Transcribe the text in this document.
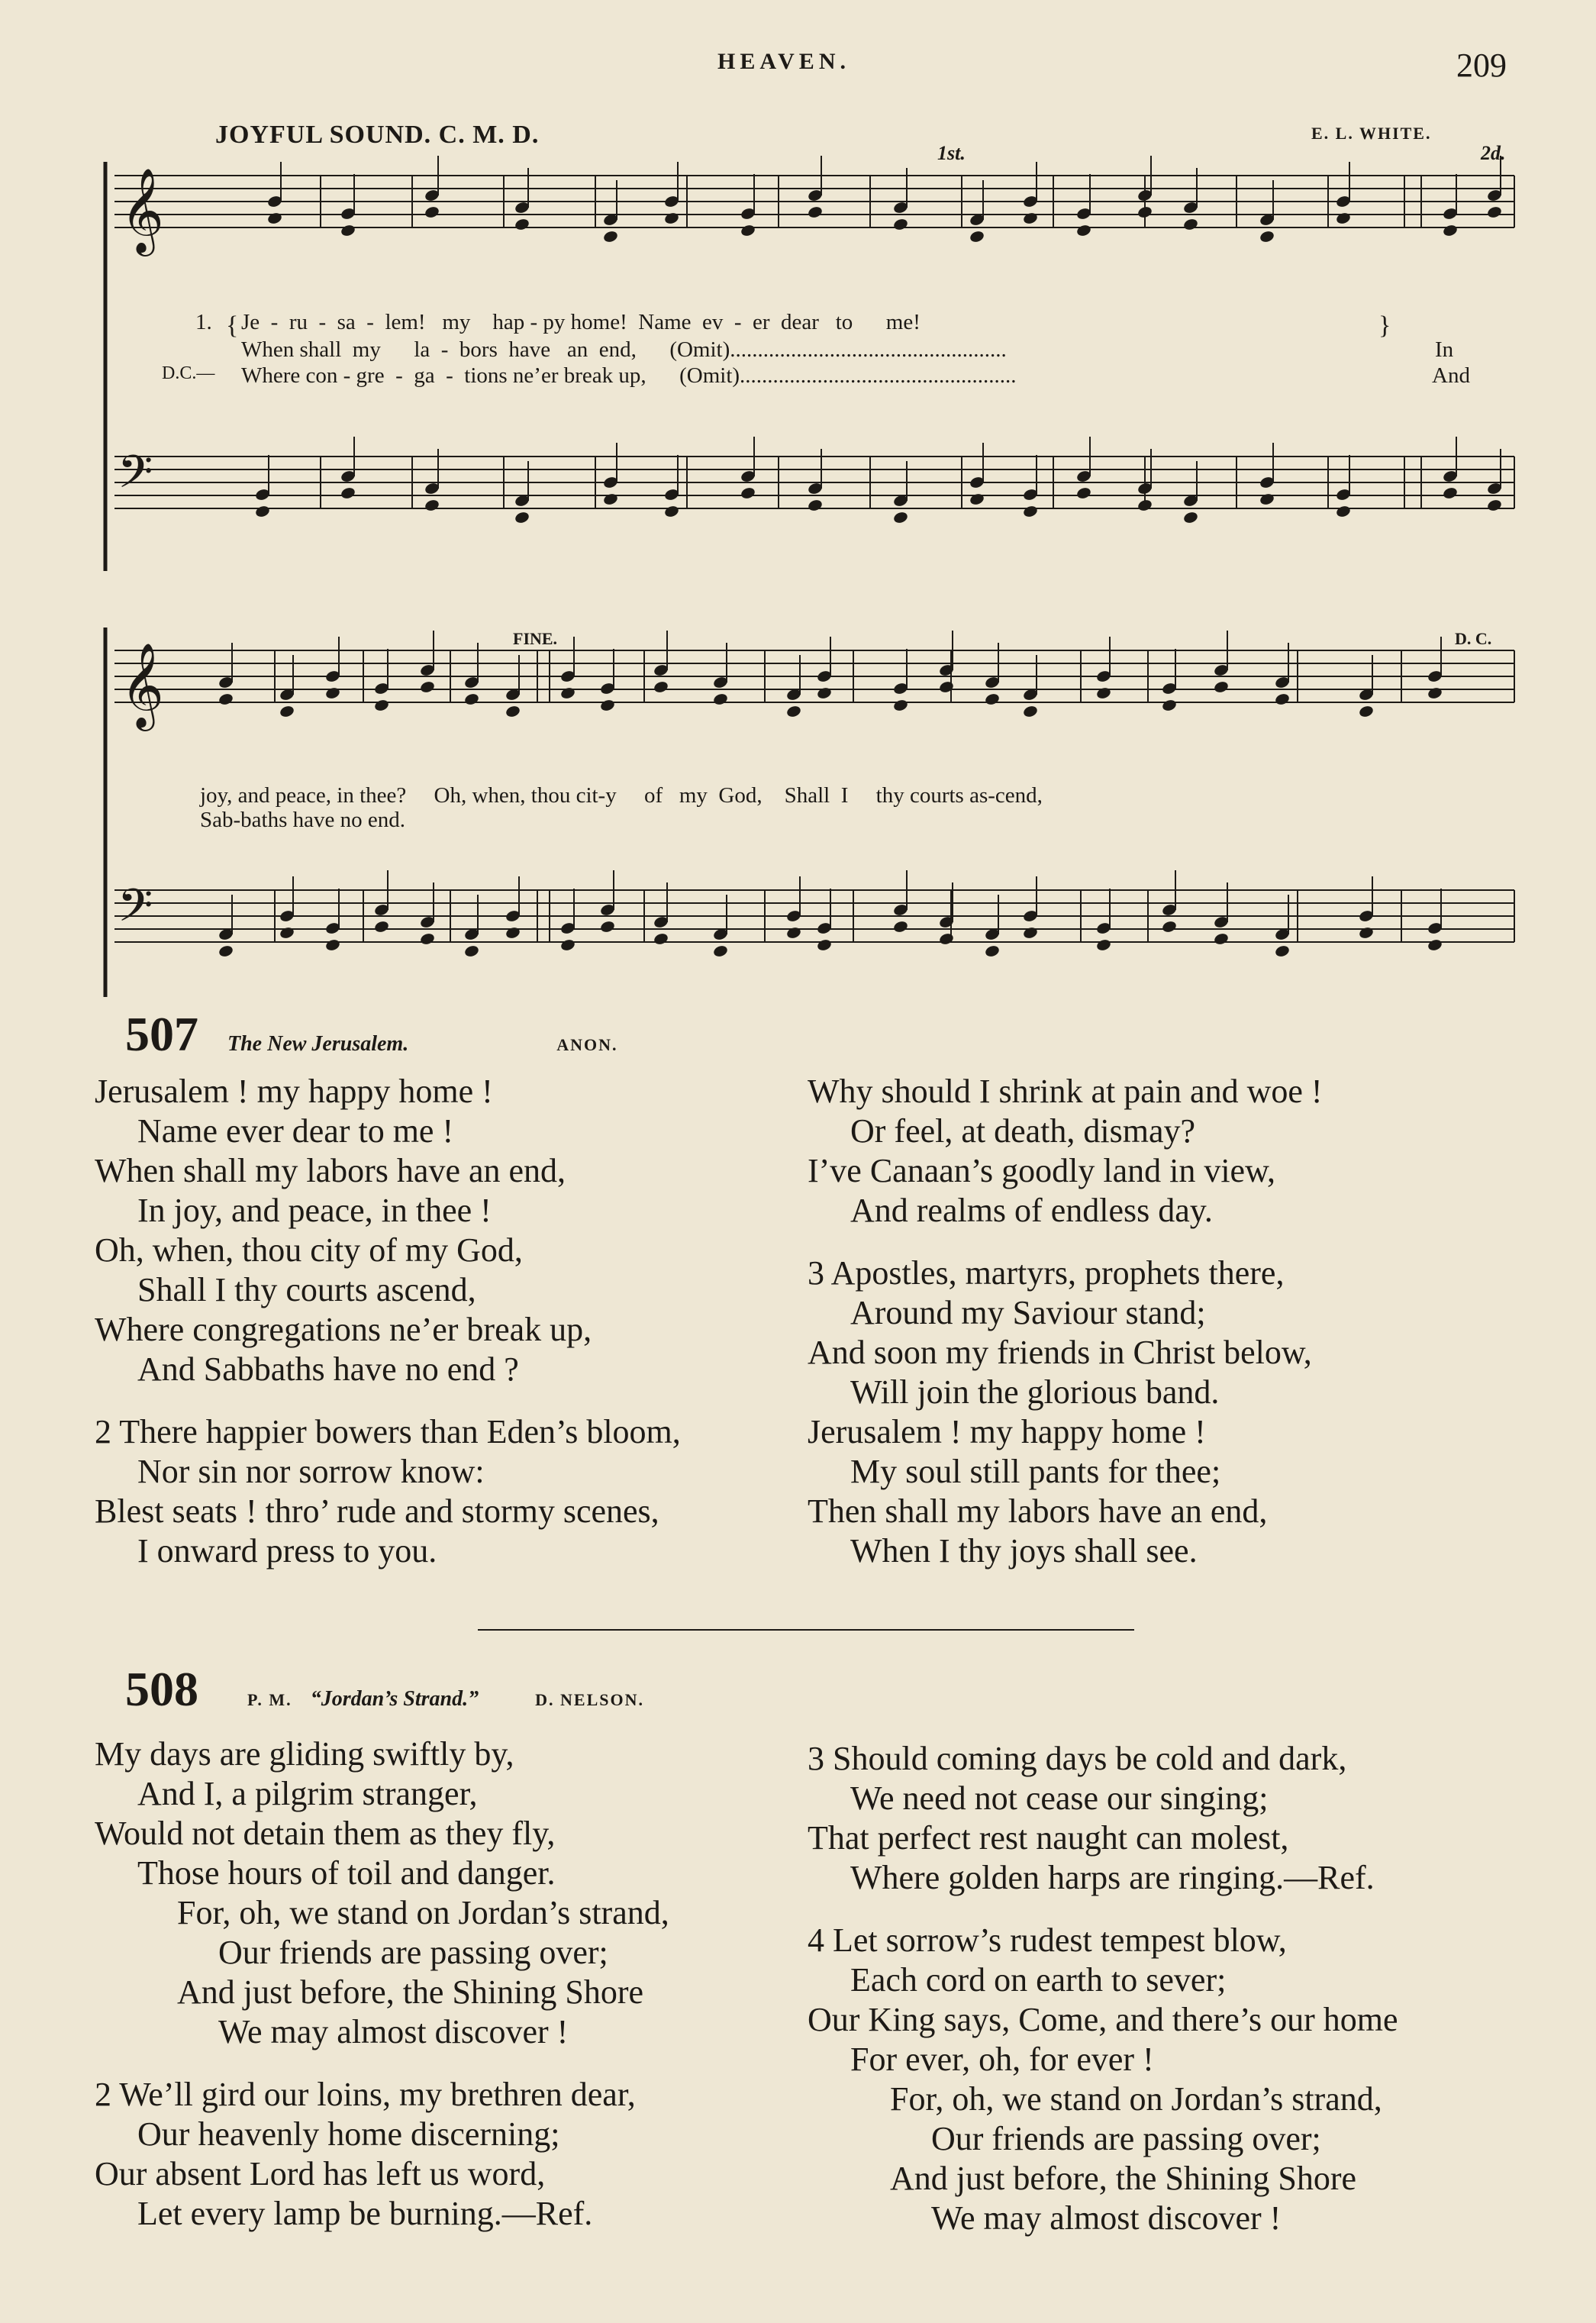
HEAVEN.	209
JOYFUL SOUND. C. M. D.	E. L. WHITE.
𝄞
𝄢
𝄞
𝄢
1st.	2d.
FINE.	D. C.
1. {	}
Je  -  ru  -  sa  -  lem!   my    hap - py home!  Name  ev  -  er  dear   to      me!
When shall  my      la  -  bors  have   an  end,      (Omit)..................................................	In
D.C.— Where con - gre  -  ga  -  tions ne’er break up,      (Omit)..................................................	And
joy, and peace, in thee?     Oh, when, thou cit-y     of   my  God,    Shall  I     thy courts as-cend,
Sab-baths have no end.
507 The New Jerusalem.	ANON.
Jerusalem ! my happy home !
Name ever dear to me !
When shall my labors have an end,
In joy, and peace, in thee !
Oh, when, thou city of my God,
Shall I thy courts ascend,
Where congregations ne’er break up,
And Sabbaths have no end ?
2 There happier bowers than Eden’s bloom,
Nor sin nor sorrow know:
Blest seats ! thro’ rude and stormy scenes,
I onward press to you.
Why should I shrink at pain and woe !
Or feel, at death, dismay?
I’ve Canaan’s goodly land in view,
And realms of endless day.
3 Apostles, martyrs, prophets there,
Around my Saviour stand;
And soon my friends in Christ below,
Will join the glorious band.
Jerusalem ! my happy home !
My soul still pants for thee;
Then shall my labors have an end,
When I thy joys shall see.
508	P. M. “Jordan’s Strand.”	D. NELSON.
My days are gliding swiftly by,
And I, a pilgrim stranger,
Would not detain them as they fly,
Those hours of toil and danger.
For, oh, we stand on Jordan’s strand,
Our friends are passing over;
And just before, the Shining Shore
We may almost discover !
2 We’ll gird our loins, my brethren dear,
Our heavenly home discerning;
Our absent Lord has left us word,
Let every lamp be burning.—Ref.
3 Should coming days be cold and dark,
We need not cease our singing;
That perfect rest naught can molest,
Where golden harps are ringing.—Ref.
4 Let sorrow’s rudest tempest blow,
Each cord on earth to sever;
Our King says, Come, and there’s our home
For ever, oh, for ever !
For, oh, we stand on Jordan’s strand,
Our friends are passing over;
And just before, the Shining Shore
We may almost discover !
